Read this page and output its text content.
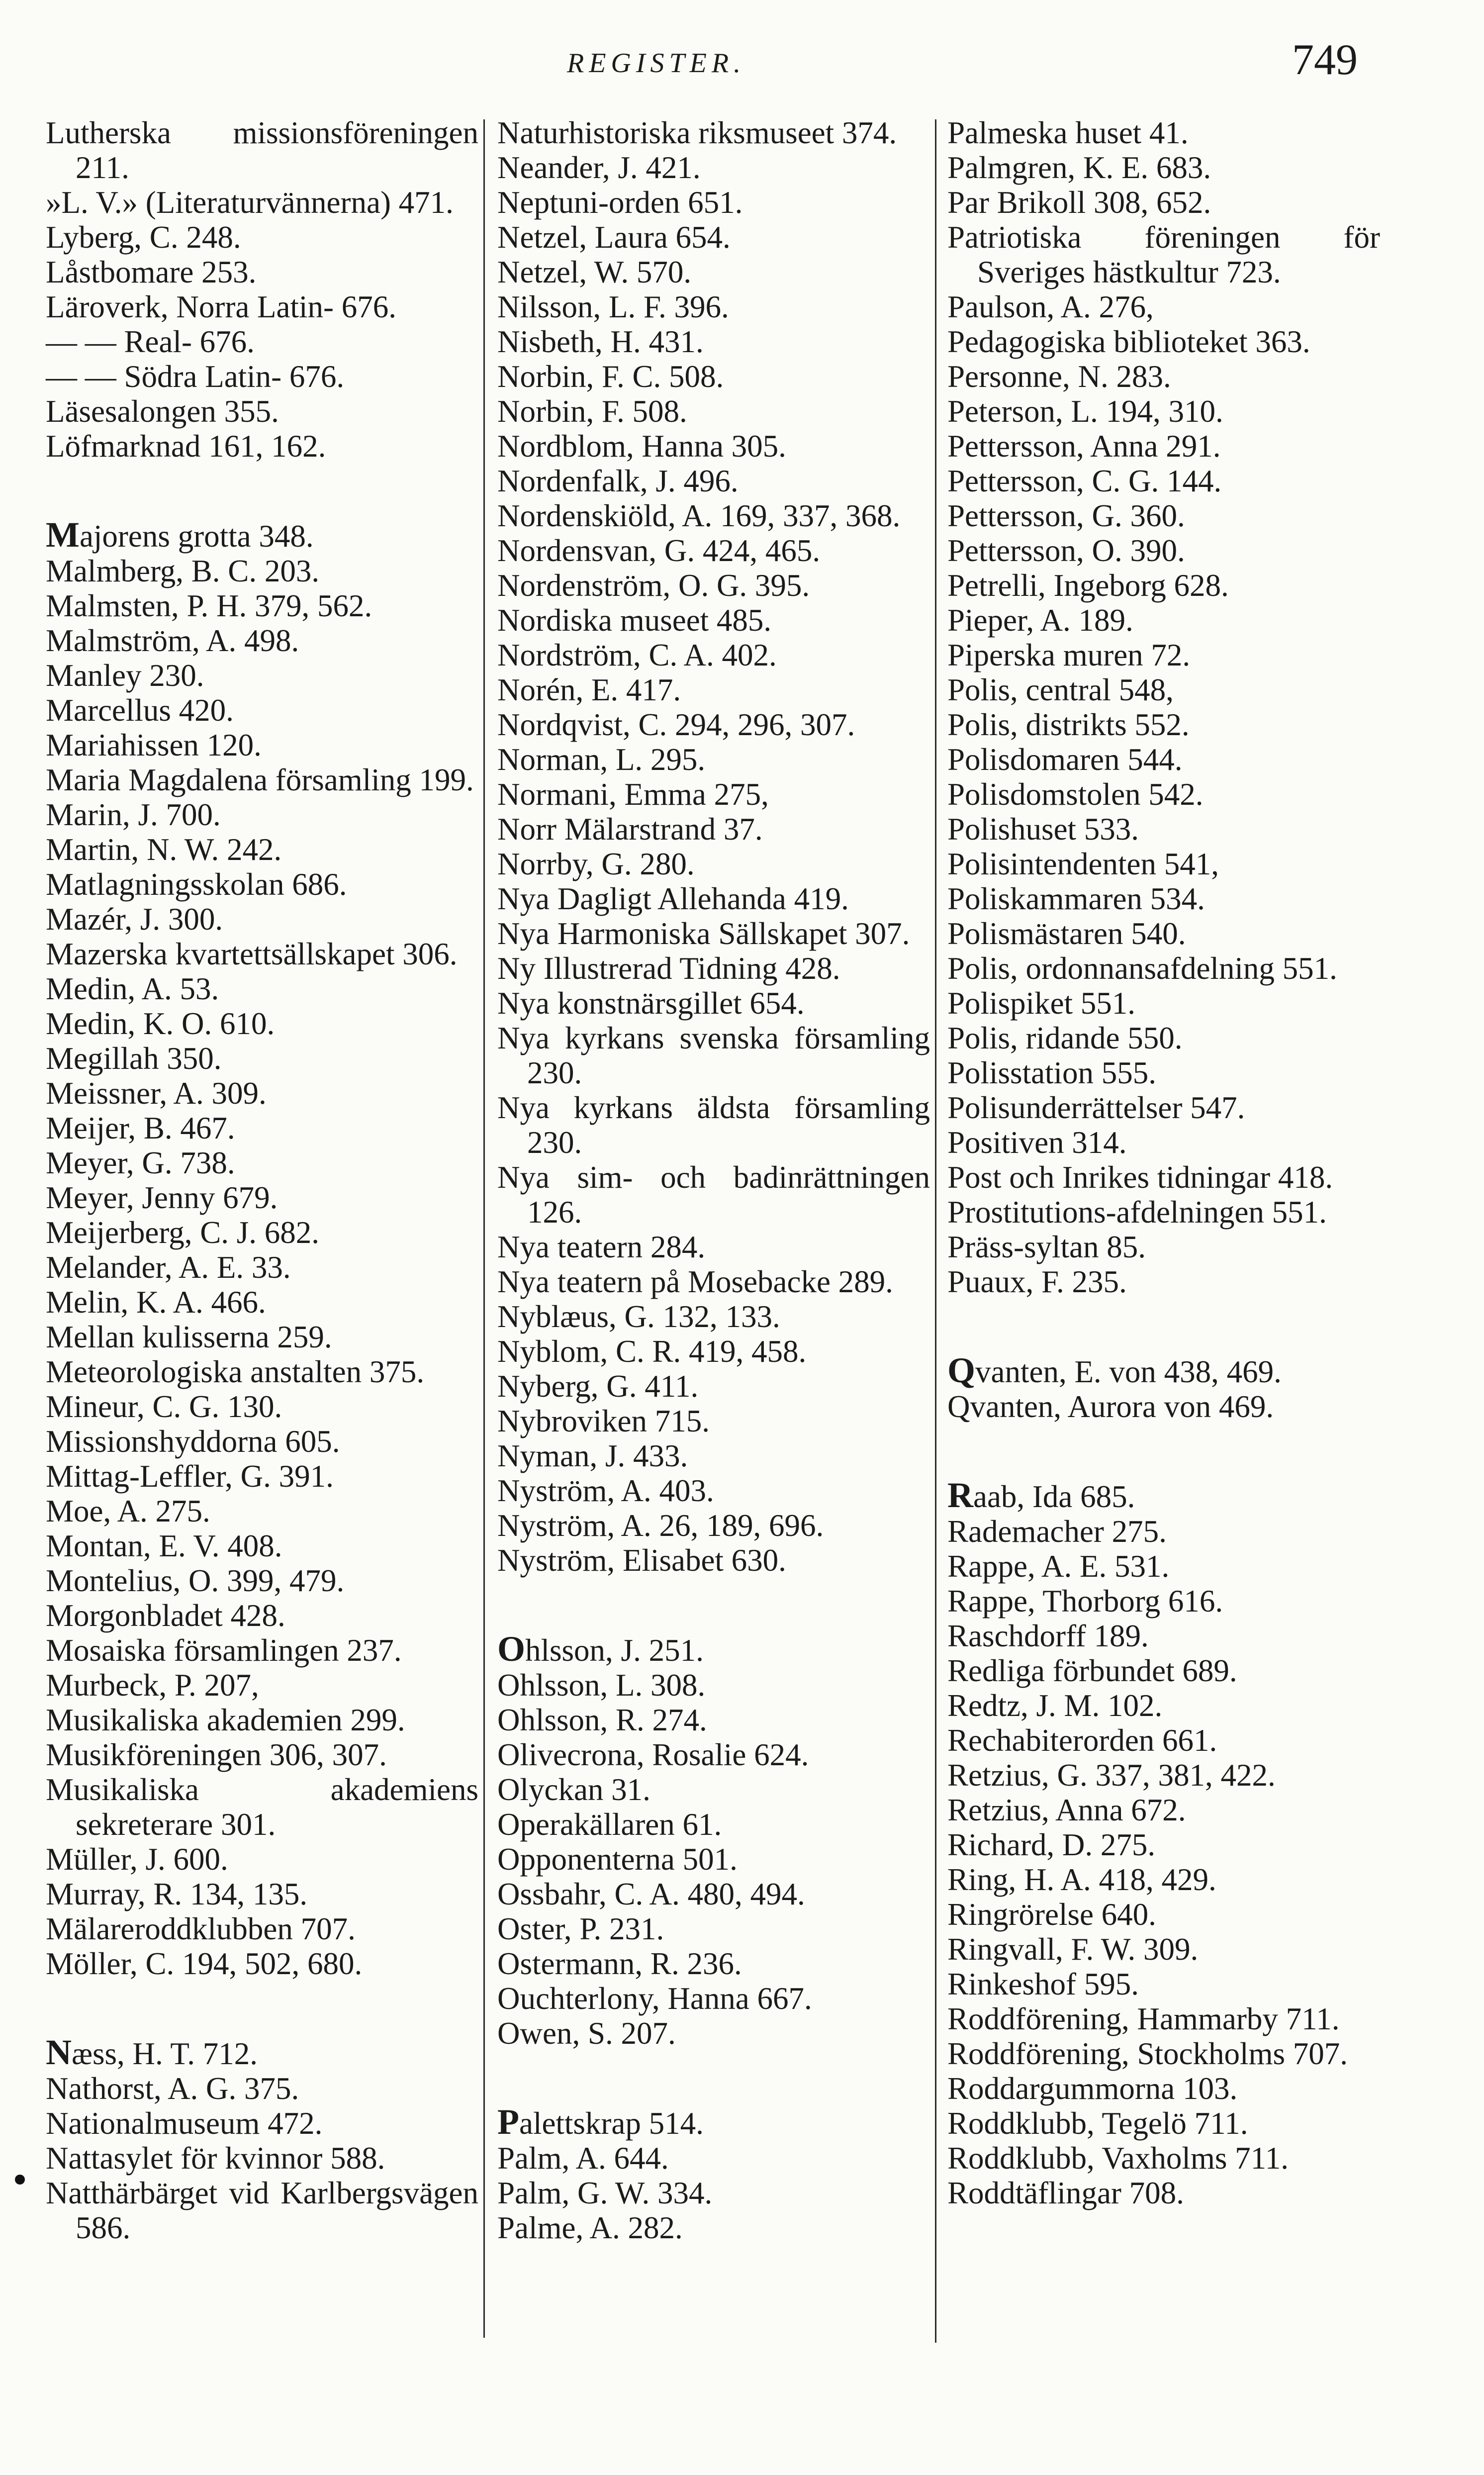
REGISTER.	749
Lutherska missionsföreningen 211.
»L. V.» (Literaturvännerna) 471.
Lyberg, C. 248.
Låstbomare 253.
Läroverk, Norra Latin- 676.
— — Real- 676.
— — Södra Latin- 676.
Läsesalongen 355.
Löfmarknad 161, 162.
Majorens grotta 348.
Malmberg, B. C. 203.
Malmsten, P. H. 379, 562.
Malmström, A. 498.
Manley 230.
Marcellus 420.
Mariahissen 120.
Maria Magdalena församling 199.
Marin, J. 700.
Martin, N. W. 242.
Matlagningsskolan 686.
Mazér, J. 300.
Mazerska kvartettsällskapet 306.
Medin, A. 53.
Medin, K. O. 610.
Megillah 350.
Meissner, A. 309.
Meijer, B. 467.
Meyer, G. 738.
Meyer, Jenny 679.
Meijerberg, C. J. 682.
Melander, A. E. 33.
Melin, K. A. 466.
Mellan kulisserna 259.
Meteorologiska anstalten 375.
Mineur, C. G. 130.
Missionshyddorna 605.
Mittag-Leffler, G. 391.
Moe, A. 275.
Montan, E. V. 408.
Montelius, O. 399, 479.
Morgonbladet 428.
Mosaiska församlingen 237.
Murbeck, P. 207,
Musikaliska akademien 299.
Musikföreningen 306, 307.
Musikaliska akademiens sekreterare 301.
Müller, J. 600.
Murray, R. 134, 135.
Mälareroddklubben 707.
Möller, C. 194, 502, 680.
Næss, H. T. 712.
Nathorst, A. G. 375.
Nationalmuseum 472.
Nattasylet för kvinnor 588.
Natthärbärget vid Karlbergsvägen 586.
Naturhistoriska riksmuseet 374.
Neander, J. 421.
Neptuni-orden 651.
Netzel, Laura 654.
Netzel, W. 570.
Nilsson, L. F. 396.
Nisbeth, H. 431.
Norbin, F. C. 508.
Norbin, F. 508.
Nordblom, Hanna 305.
Nordenfalk, J. 496.
Nordenskiöld, A. 169, 337, 368.
Nordensvan, G. 424, 465.
Nordenström, O. G. 395.
Nordiska museet 485.
Nordström, C. A. 402.
Norén, E. 417.
Nordqvist, C. 294, 296, 307.
Norman, L. 295.
Normani, Emma 275,
Norr Mälarstrand 37.
Norrby, G. 280.
Nya Dagligt Allehanda 419.
Nya Harmoniska Sällskapet 307.
Ny Illustrerad Tidning 428.
Nya konstnärsgillet 654.
Nya kyrkans svenska församling 230.
Nya kyrkans äldsta församling 230.
Nya sim- och badinrättningen 126.
Nya teatern 284.
Nya teatern på Mosebacke 289.
Nyblæus, G. 132, 133.
Nyblom, C. R. 419, 458.
Nyberg, G. 411.
Nybroviken 715.
Nyman, J. 433.
Nyström, A. 403.
Nyström, A. 26, 189, 696.
Nyström, Elisabet 630.
Ohlsson, J. 251.
Ohlsson, L. 308.
Ohlsson, R. 274.
Olivecrona, Rosalie 624.
Olyckan 31.
Operakällaren 61.
Opponenterna 501.
Ossbahr, C. A. 480, 494.
Oster, P. 231.
Ostermann, R. 236.
Ouchterlony, Hanna 667.
Owen, S. 207.
Palettskrap 514.
Palm, A. 644.
Palm, G. W. 334.
Palme, A. 282.
Palmeska huset 41.
Palmgren, K. E. 683.
Par Brikoll 308, 652.
Patriotiska föreningen för Sveriges hästkultur 723.
Paulson, A. 276,
Pedagogiska biblioteket 363.
Personne, N. 283.
Peterson, L. 194, 310.
Pettersson, Anna 291.
Pettersson, C. G. 144.
Pettersson, G. 360.
Pettersson, O. 390.
Petrelli, Ingeborg 628.
Pieper, A. 189.
Piperska muren 72.
Polis, central 548,
Polis, distrikts 552.
Polisdomaren 544.
Polisdomstolen 542.
Polishuset 533.
Polisintendenten 541,
Poliskammaren 534.
Polismästaren 540.
Polis, ordonnansafdelning 551.
Polispiket 551.
Polis, ridande 550.
Polisstation 555.
Polisunderrättelser 547.
Positiven 314.
Post och Inrikes tidningar 418.
Prostitutions-afdelningen 551.
Präss-syltan 85.
Puaux, F. 235.
Qvanten, E. von 438, 469.
Qvanten, Aurora von 469.
Raab, Ida 685.
Rademacher 275.
Rappe, A. E. 531.
Rappe, Thorborg 616.
Raschdorff 189.
Redliga förbundet 689.
Redtz, J. M. 102.
Rechabiterorden 661.
Retzius, G. 337, 381, 422.
Retzius, Anna 672.
Richard, D. 275.
Ring, H. A. 418, 429.
Ringrörelse 640.
Ringvall, F. W. 309.
Rinkeshof 595.
Roddförening, Hammarby 711.
Roddförening, Stockholms 707.
Roddargummorna 103.
Roddklubb, Tegelö 711.
Roddklubb, Vaxholms 711.
Roddtäflingar 708.
